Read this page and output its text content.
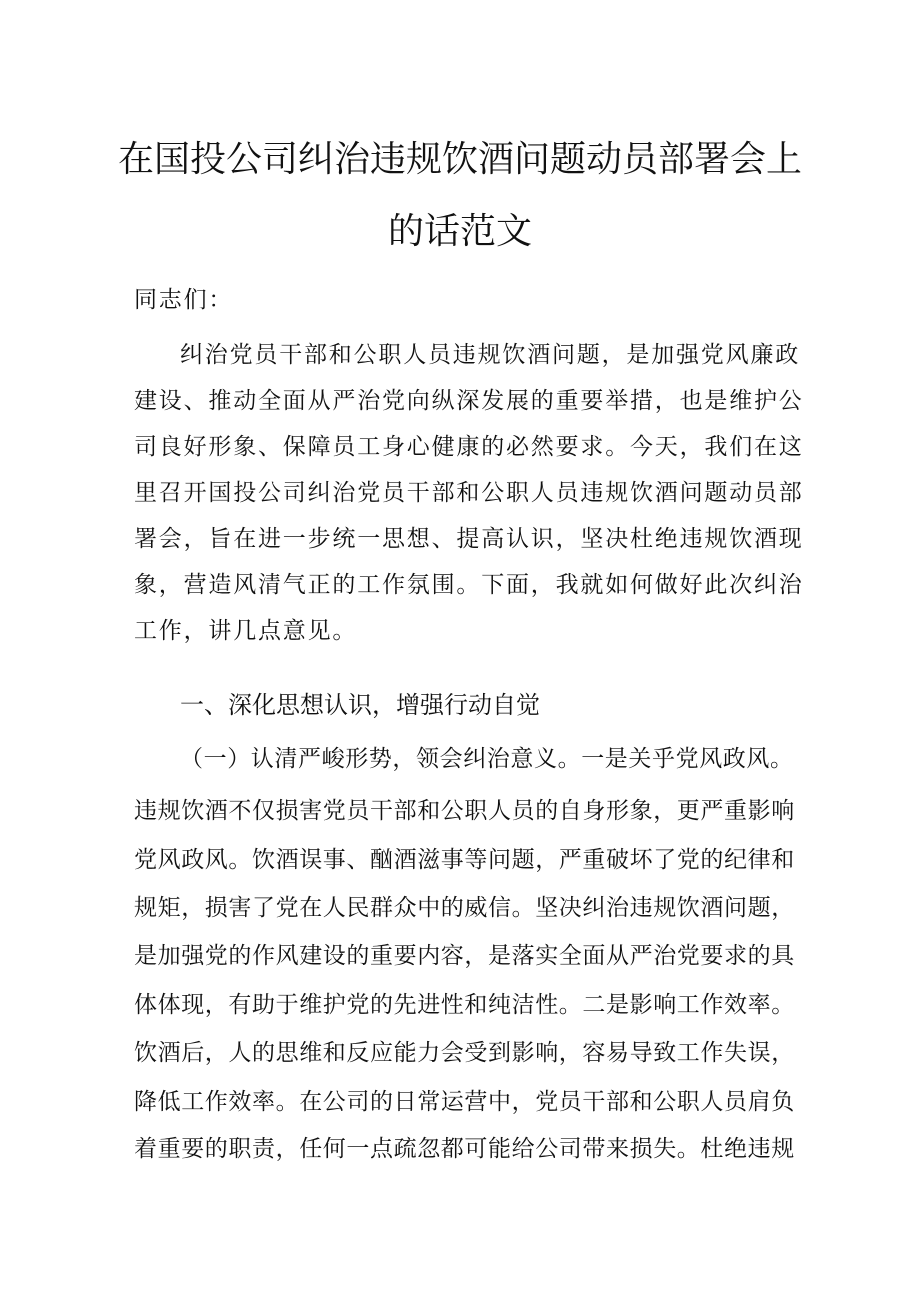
在国投公司纠治违规饮酒问题动员部署会上
的话范文
同志们：
纠治党员干部和公职人员违规饮酒问题，是加强党风廉政
建设、推动全面从严治党向纵深发展的重要举措，也是维护公
司良好形象、保障员工身心健康的必然要求。今天，我们在这
里召开国投公司纠治党员干部和公职人员违规饮酒问题动员部
署会，旨在进一步统一思想、提高认识，坚决杜绝违规饮酒现
象，营造风清气正的工作氛围。下面，我就如何做好此次纠治
工作，讲几点意见。
一、深化思想认识，增强行动自觉
（一）认清严峻形势，领会纠治意义。一是关乎党风政风。
违规饮酒不仅损害党员干部和公职人员的自身形象，更严重影响
党风政风。饮酒误事、酗酒滋事等问题，严重破坏了党的纪律和
规矩，损害了党在人民群众中的威信。坚决纠治违规饮酒问题，
是加强党的作风建设的重要内容，是落实全面从严治党要求的具
体体现，有助于维护党的先进性和纯洁性。二是影响工作效率。
饮酒后，人的思维和反应能力会受到影响，容易导致工作失误，
降低工作效率。在公司的日常运营中，党员干部和公职人员肩负
着重要的职责，任何一点疏忽都可能给公司带来损失。杜绝违规
